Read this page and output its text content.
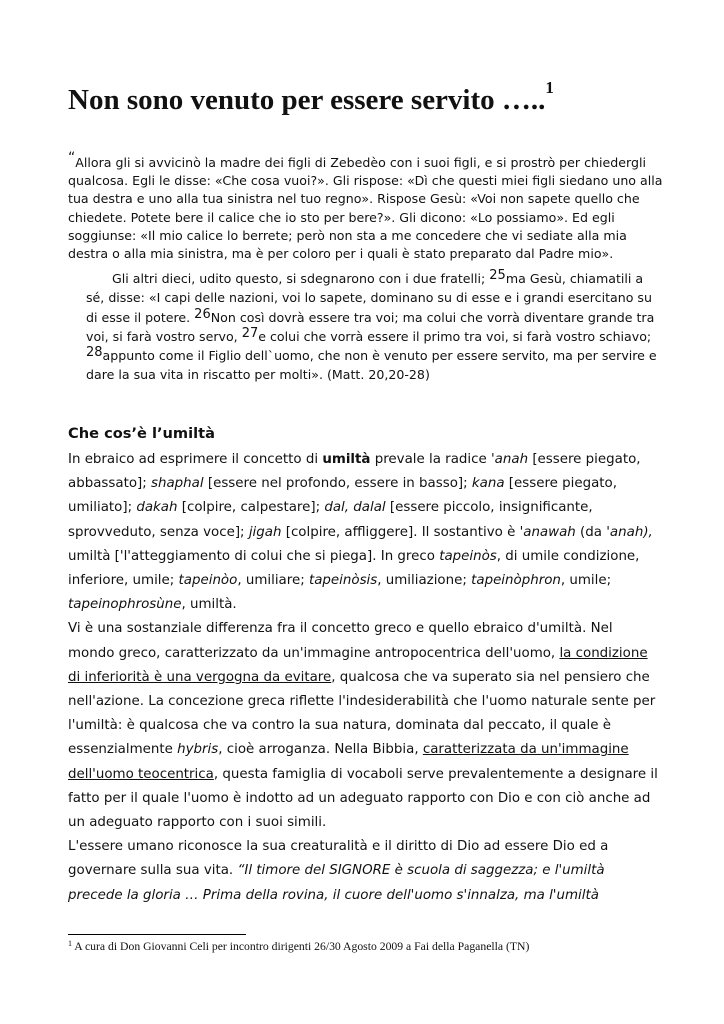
Non sono venuto per essere servito …..$^1$

“Allora gli si avvicinò la madre dei figli di Zebedèo con i suoi figli, e si prostrò per chiedergli qualcosa. Egli le disse: «Che cosa vuoi?». Gli rispose: «Dì che questi miei figli siedano uno alla tua destra e uno alla tua sinistra nel tuo regno». Rispose Gesù: «Voi non sapete quello che chiedete. Potete bere il calice che io sto per bere?». Gli dicono: «Lo possiamo». Ed egli soggiunse: «Il mio calice lo berrete; però non sta a me concedere che vi sediate alla mia destra o alla mia sinistra, ma è per coloro per i quali è stato preparato dal Padre mio».

Gli altri dieci, udito questo, si sdegnarono con i due fratelli; $^{25}$ma Gesù, chiamatili a sé, disse: «I capi delle nazioni, voi lo sapete, dominano su di esse e i grandi esercitano su di esse il potere. $^{26}$Non così dovrà essere tra voi; ma colui che vorrà diventare grande tra voi, si farà vostro servo, $^{27}$e colui che vorrà essere il primo tra voi, si farà vostro schiavo; $^{28}$appunto come il Figlio dell`uomo, che non è venuto per essere servito, ma per servire e dare la sua vita in riscatto per molti». (Matt. 20,20-28)

Che cos’è l’umiltà

In ebraico ad esprimere il concetto di umiltà prevale la radice 'anah [essere piegato, abbassato]; shaphal [essere nel profondo, essere in basso]; kana [essere piegato, umiliato]; dakah [colpire, calpestare]; dal, dalal [essere piccolo, insignificante, sprovveduto, senza voce]; jigah [colpire, affliggere]. Il sostantivo è 'anawah (da 'anah), umiltà ['l'atteggiamento di colui che si piega]. In greco tapeinòs, di umile condizione, inferiore, umile; tapeinòo, umiliare; tapeinòsis, umiliazione; tapeinòphron, umile; tapeinophrosùne, umiltà.

Vi è una sostanziale differenza fra il concetto greco e quello ebraico d'umiltà. Nel mondo greco, caratterizzato da un'immagine antropocentrica dell'uomo, la condizione di inferiorità è una vergogna da evitare, qualcosa che va superato sia nel pensiero che nell'azione. La concezione greca riflette l'indesiderabilità che l'uomo naturale sente per l'umiltà: è qualcosa che va contro la sua natura, dominata dal peccato, il quale è essenzialmente hybris, cioè arroganza. Nella Bibbia, caratterizzata da un'immagine dell'uomo teocentrica, questa famiglia di vocaboli serve prevalentemente a designare il fatto per il quale l'uomo è indotto ad un adeguato rapporto con Dio e con ciò anche ad un adeguato rapporto con i suoi simili.

L'essere umano riconosce la sua creaturalità e il diritto di Dio ad essere Dio ed a governare sulla sua vita. “Il timore del SIGNORE è scuola di saggezza; e l'umiltà precede la gloria … Prima della rovina, il cuore dell'uomo s'innalza, ma l'umiltà

$^1$ A cura di Don Giovanni Celi per incontro dirigenti 26/30 Agosto 2009 a Fai della Paganella (TN)
